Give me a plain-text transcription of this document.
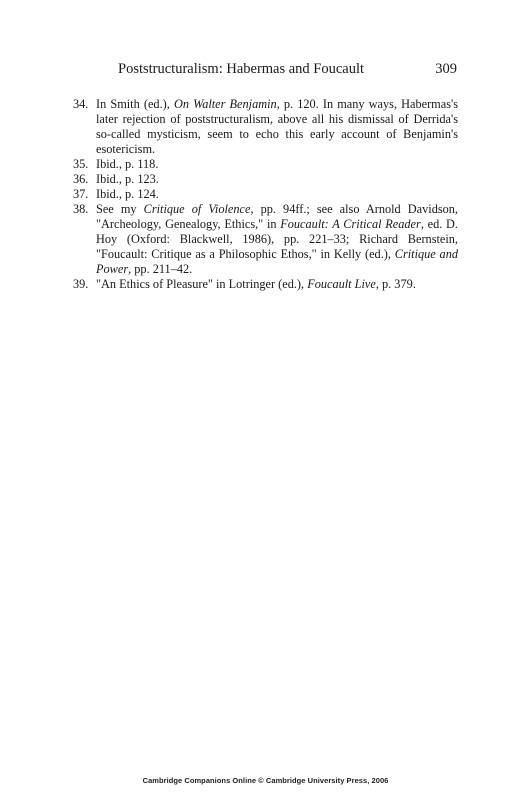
Poststructuralism: Habermas and Foucault	309
34. In Smith (ed.), On Walter Benjamin, p. 120. In many ways, Habermas's later rejection of poststructuralism, above all his dismissal of Derrida's so-called mysticism, seem to echo this early account of Benjamin's esotericism.
35. Ibid., p. 118.
36. Ibid., p. 123.
37. Ibid., p. 124.
38. See my Critique of Violence, pp. 94ff.; see also Arnold Davidson, "Archeology, Genealogy, Ethics," in Foucault: A Critical Reader, ed. D. Hoy (Oxford: Blackwell, 1986), pp. 221–33; Richard Bernstein, "Foucault: Critique as a Philosophic Ethos," in Kelly (ed.), Critique and Power, pp. 211–42.
39. "An Ethics of Pleasure" in Lotringer (ed.), Foucault Live, p. 379.
Cambridge Companions Online © Cambridge University Press, 2006
